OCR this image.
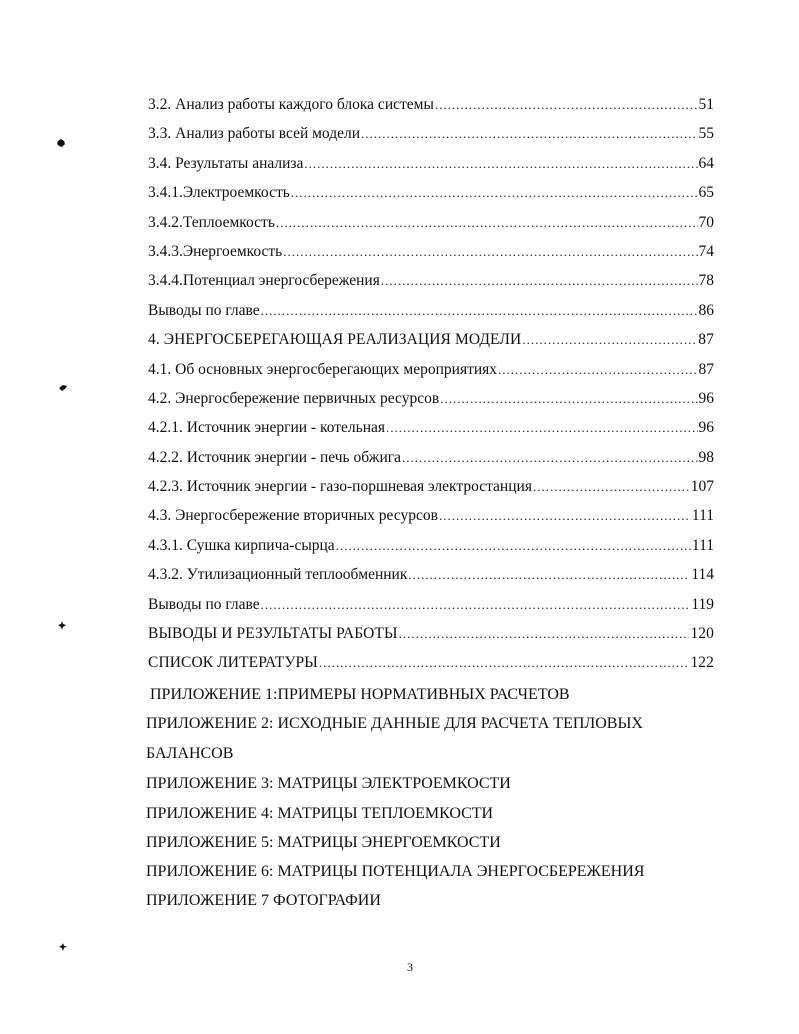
3.2. Анализ работы каждого блока системы .....	51
3.3. Анализ работы всей модели .....	55
3.4. Результаты анализа .....	64
3.4.1.Электроемкость .....	65
3.4.2.Теплоемкость .....	70
3.4.3.Энергоемкость .....	74
3.4.4.Потенциал энергосбережения .....	78
Выводы по главе .....	86
4. ЭНЕРГОСБЕРЕГАЮЩАЯ РЕАЛИЗАЦИЯ МОДЕЛИ .....	87
4.1. Об основных энергосберегающих мероприятиях .....	87
4.2. Энергосбережение первичных ресурсов .....	96
4.2.1. Источник энергии - котельная .....	96
4.2.2. Источник энергии - печь обжига .....	98
4.2.3. Источник энергии - газо-поршневая электростанция .....	107
4.3. Энергосбережение вторичных ресурсов .....	111
4.3.1. Сушка кирпича-сырца .....	111
4.3.2. Утилизационный теплообменник .....	114
Выводы по главе .....	119
ВЫВОДЫ И РЕЗУЛЬТАТЫ РАБОТЫ .....	120
СПИСОК ЛИТЕРАТУРЫ .....	122
ПРИЛОЖЕНИЕ 1:ПРИМЕРЫ НОРМАТИВНЫХ РАСЧЕТОВ
ПРИЛОЖЕНИЕ 2: ИСХОДНЫЕ ДАННЫЕ ДЛЯ РАСЧЕТА ТЕПЛОВЫХ
БАЛАНСОВ
ПРИЛОЖЕНИЕ 3: МАТРИЦЫ ЭЛЕКТРОЕМКОСТИ
ПРИЛОЖЕНИЕ 4: МАТРИЦЫ ТЕПЛОЕМКОСТИ
ПРИЛОЖЕНИЕ 5: МАТРИЦЫ ЭНЕРГОЕМКОСТИ
ПРИЛОЖЕНИЕ 6: МАТРИЦЫ ПОТЕНЦИАЛА ЭНЕРГОСБЕРЕЖЕНИЯ
ПРИЛОЖЕНИЕ 7 ФОТОГРАФИИ
3
